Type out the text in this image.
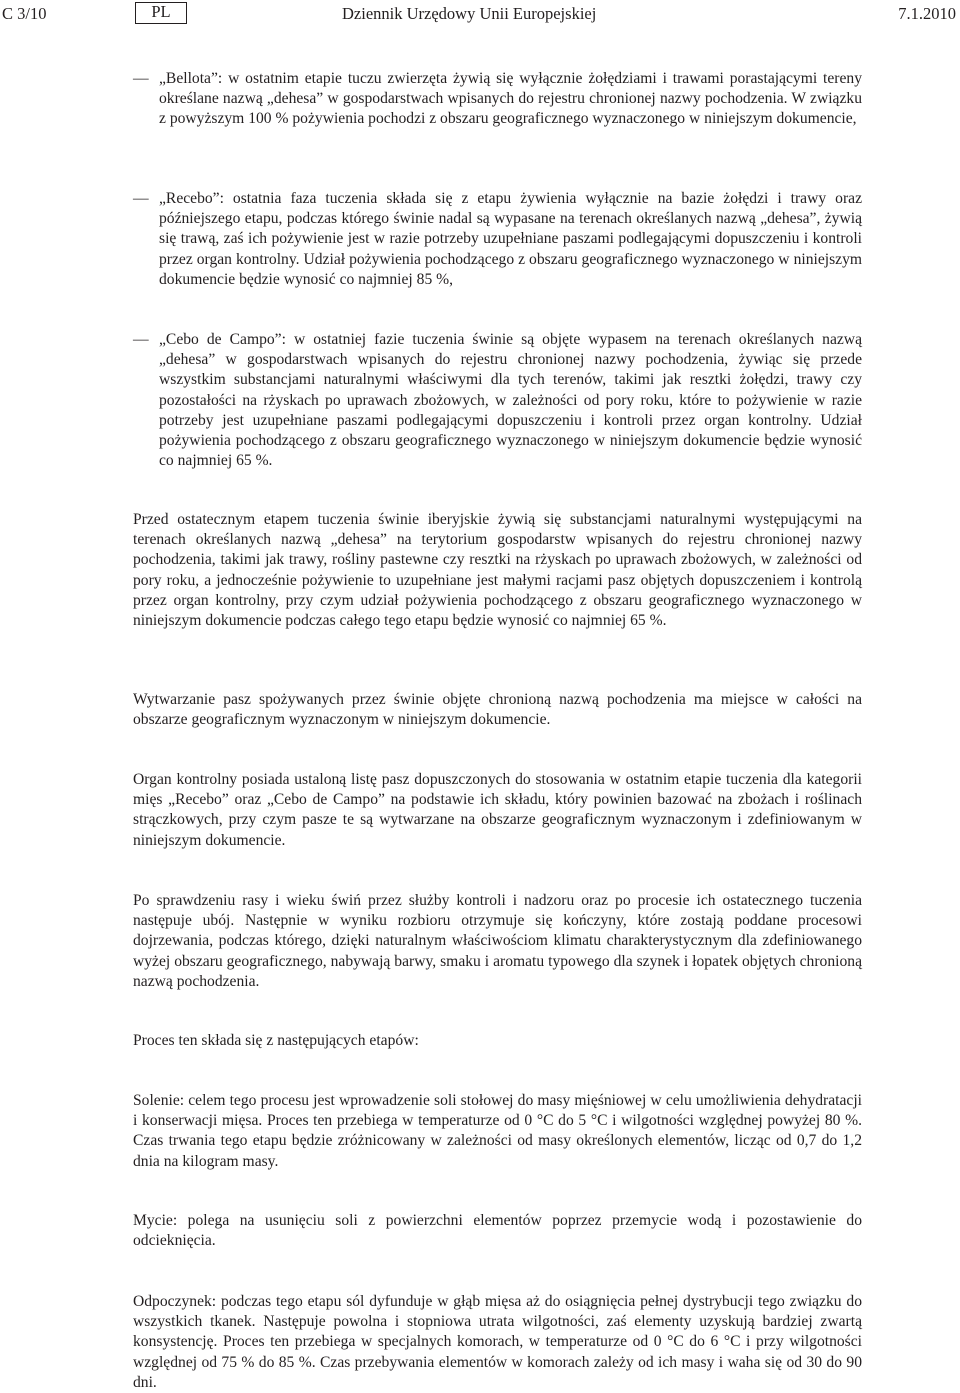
C 3/10	PL	Dziennik Urzędowy Unii Europejskiej	7.1.2010
— „Bellota”: w ostatnim etapie tuczu zwierzęta żywią się wyłącznie żołędziami i trawami porastającymi tereny określane nazwą „dehesa” w gospodarstwach wpisanych do rejestru chronionej nazwy pochodzenia. W związku z powyższym 100 % pożywienia pochodzi z obszaru geograficznego wyznaczonego w niniejszym dokumencie,
— „Recebo”: ostatnia faza tuczenia składa się z etapu żywienia wyłącznie na bazie żołędzi i trawy oraz późniejszego etapu, podczas którego świnie nadal są wypasane na terenach określanych nazwą „dehesa”, żywią się trawą, zaś ich pożywienie jest w razie potrzeby uzupełniane paszami podlegającymi dopuszczeniu i kontroli przez organ kontrolny. Udział pożywienia pochodzącego z obszaru geograficznego wyznaczonego w niniejszym dokumencie będzie wynosić co najmniej 85 %,
— „Cebo de Campo”: w ostatniej fazie tuczenia świnie są objęte wypasem na terenach określanych nazwą „dehesa” w gospodarstwach wpisanych do rejestru chronionej nazwy pochodzenia, żywiąc się przede wszystkim substancjami naturalnymi właściwymi dla tych terenów, takimi jak resztki żołędzi, trawy czy pozostałości na rżyskach po uprawach zbożowych, w zależności od pory roku, które to pożywienie w razie potrzeby jest uzupełniane paszami podlegającymi dopuszczeniu i kontroli przez organ kontrolny. Udział pożywienia pochodzącego z obszaru geograficznego wyznaczonego w niniejszym dokumencie będzie wynosić co najmniej 65 %.

Przed ostatecznym etapem tuczenia świnie iberyjskie żywią się substancjami naturalnymi występującymi na terenach określanych nazwą „dehesa” na terytorium gospodarstw wpisanych do rejestru chronionej nazwy pochodzenia, takimi jak trawy, rośliny pastewne czy resztki na rżyskach po uprawach zbożowych, w zależności od pory roku, a jednocześnie pożywienie to uzupełniane jest małymi racjami pasz objętych dopuszczeniem i kontrolą przez organ kontrolny, przy czym udział pożywienia pochodzącego z obszaru geograficznego wyznaczonego w niniejszym dokumencie podczas całego tego etapu będzie wynosić co najmniej 65 %.

Wytwarzanie pasz spożywanych przez świnie objęte chronioną nazwą pochodzenia ma miejsce w całości na obszarze geograficznym wyznaczonym w niniejszym dokumencie.

Organ kontrolny posiada ustaloną listę pasz dopuszczonych do stosowania w ostatnim etapie tuczenia dla kategorii mięs „Recebo” oraz „Cebo de Campo” na podstawie ich składu, który powinien bazować na zbożach i roślinach strączkowych, przy czym pasze te są wytwarzane na obszarze geograficznym wyznaczonym i zdefiniowanym w niniejszym dokumencie.

Po sprawdzeniu rasy i wieku świń przez służby kontroli i nadzoru oraz po procesie ich ostatecznego tuczenia następuje ubój. Następnie w wyniku rozbioru otrzymuje się kończyny, które zostają poddane procesowi dojrzewania, podczas którego, dzięki naturalnym właściwościom klimatu charakterystycznym dla zdefiniowanego wyżej obszaru geograficznego, nabywają barwy, smaku i aromatu typowego dla szynek i łopatek objętych chronioną nazwą pochodzenia.

Proces ten składa się z następujących etapów:

Solenie: celem tego procesu jest wprowadzenie soli stołowej do masy mięśniowej w celu umożliwienia dehydratacji i konserwacji mięsa. Proces ten przebiega w temperaturze od 0 °C do 5 °C i wilgotności względnej powyżej 80 %. Czas trwania tego etapu będzie zróżnicowany w zależności od masy określonych elementów, licząc od 0,7 do 1,2 dnia na kilogram masy.

Mycie: polega na usunięciu soli z powierzchni elementów poprzez przemycie wodą i pozostawienie do odcieknięcia.

Odpoczynek: podczas tego etapu sól dyfunduje w głąb mięsa aż do osiągnięcia pełnej dystrybucji tego związku do wszystkich tkanek. Następuje powolna i stopniowa utrata wilgotności, zaś elementy uzyskują bardziej zwartą konsystencję. Proces ten przebiega w specjalnych komorach, w temperaturze od 0 °C do 6 °C i przy wilgotności względnej od 75 % do 85 %. Czas przebywania elementów w komorach zależy od ich masy i waha się od 30 do 90 dni.
